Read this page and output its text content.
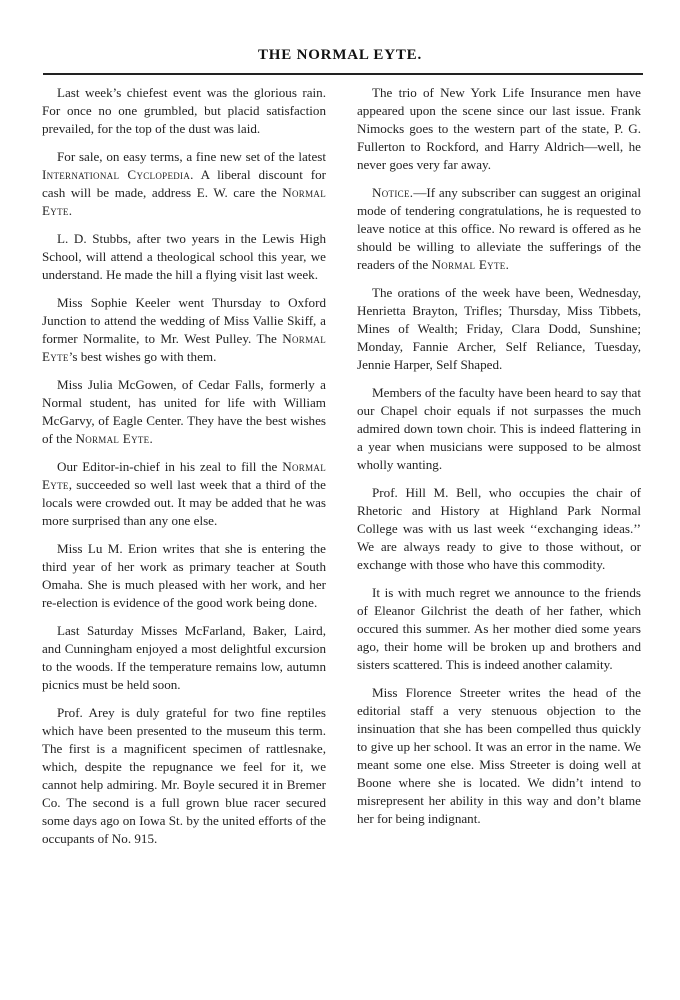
THE NORMAL EYTE.

Last week’s chiefest event was the glorious rain. For once no one grumbled, but placid satisfaction prevailed, for the top of the dust was laid.

For sale, on easy terms, a fine new set of the latest International Cyclopedia. A liberal discount for cash will be made, address E. W. care the Normal Eyte.

L. D. Stubbs, after two years in the Lewis High School, will attend a theological school this year, we understand. He made the hill a flying visit last week.

Miss Sophie Keeler went Thursday to Oxford Junction to attend the wedding of Miss Vallie Skiff, a former Normalite, to Mr. West Pulley. The Normal Eyte’s best wishes go with them.

Miss Julia McGowen, of Cedar Falls, formerly a Normal student, has united for life with William McGarvy, of Eagle Center. They have the best wishes of the Normal Eyte.

Our Editor-in-chief in his zeal to fill the Normal Eyte, succeeded so well last week that a third of the locals were crowded out. It may be added that he was more surprised than any one else.

Miss Lu M. Erion writes that she is entering the third year of her work as primary teacher at South Omaha. She is much pleased with her work, and her re-election is evidence of the good work being done.

Last Saturday Misses McFarland, Baker, Laird, and Cunningham enjoyed a most delightful excursion to the woods. If the temperature remains low, autumn picnics must be held soon.

Prof. Arey is duly grateful for two fine reptiles which have been presented to the museum this term. The first is a magnificent specimen of rattlesnake, which, despite the repugnance we feel for it, we cannot help admiring. Mr. Boyle secured it in Bremer Co. The second is a full grown blue racer secured some days ago on Iowa St. by the united efforts of the occupants of No. 915.

The trio of New York Life Insurance men have appeared upon the scene since our last issue. Frank Nimocks goes to the western part of the state, P. G. Fullerton to Rockford, and Harry Aldrich—well, he never goes very far away.

Notice.—If any subscriber can suggest an original mode of tendering congratulations, he is requested to leave notice at this office. No reward is offered as he should be willing to alleviate the sufferings of the readers of the Normal Eyte.

The orations of the week have been, Wednesday, Henrietta Brayton, Trifles; Thursday, Miss Tibbets, Mines of Wealth; Friday, Clara Dodd, Sunshine; Monday, Fannie Archer, Self Reliance, Tuesday, Jennie Harper, Self Shaped.

Members of the faculty have been heard to say that our Chapel choir equals if not surpasses the much admired down town choir. This is indeed flattering in a year when musicians were supposed to be almost wholly wanting.

Prof. Hill M. Bell, who occupies the chair of Rhetoric and History at Highland Park Normal College was with us last week ‘‘exchanging ideas.’’ We are always ready to give to those without, or exchange with those who have this commodity.

It is with much regret we announce to the friends of Eleanor Gilchrist the death of her father, which occured this summer. As her mother died some years ago, their home will be broken up and brothers and sisters scattered. This is indeed another calamity.

Miss Florence Streeter writes the head of the editorial staff a very stenuous objection to the insinuation that she has been compelled thus quickly to give up her school. It was an error in the name. We meant some one else. Miss Streeter is doing well at Boone where she is located. We didn’t intend to misrepresent her ability in this way and don’t blame her for being indignant.
